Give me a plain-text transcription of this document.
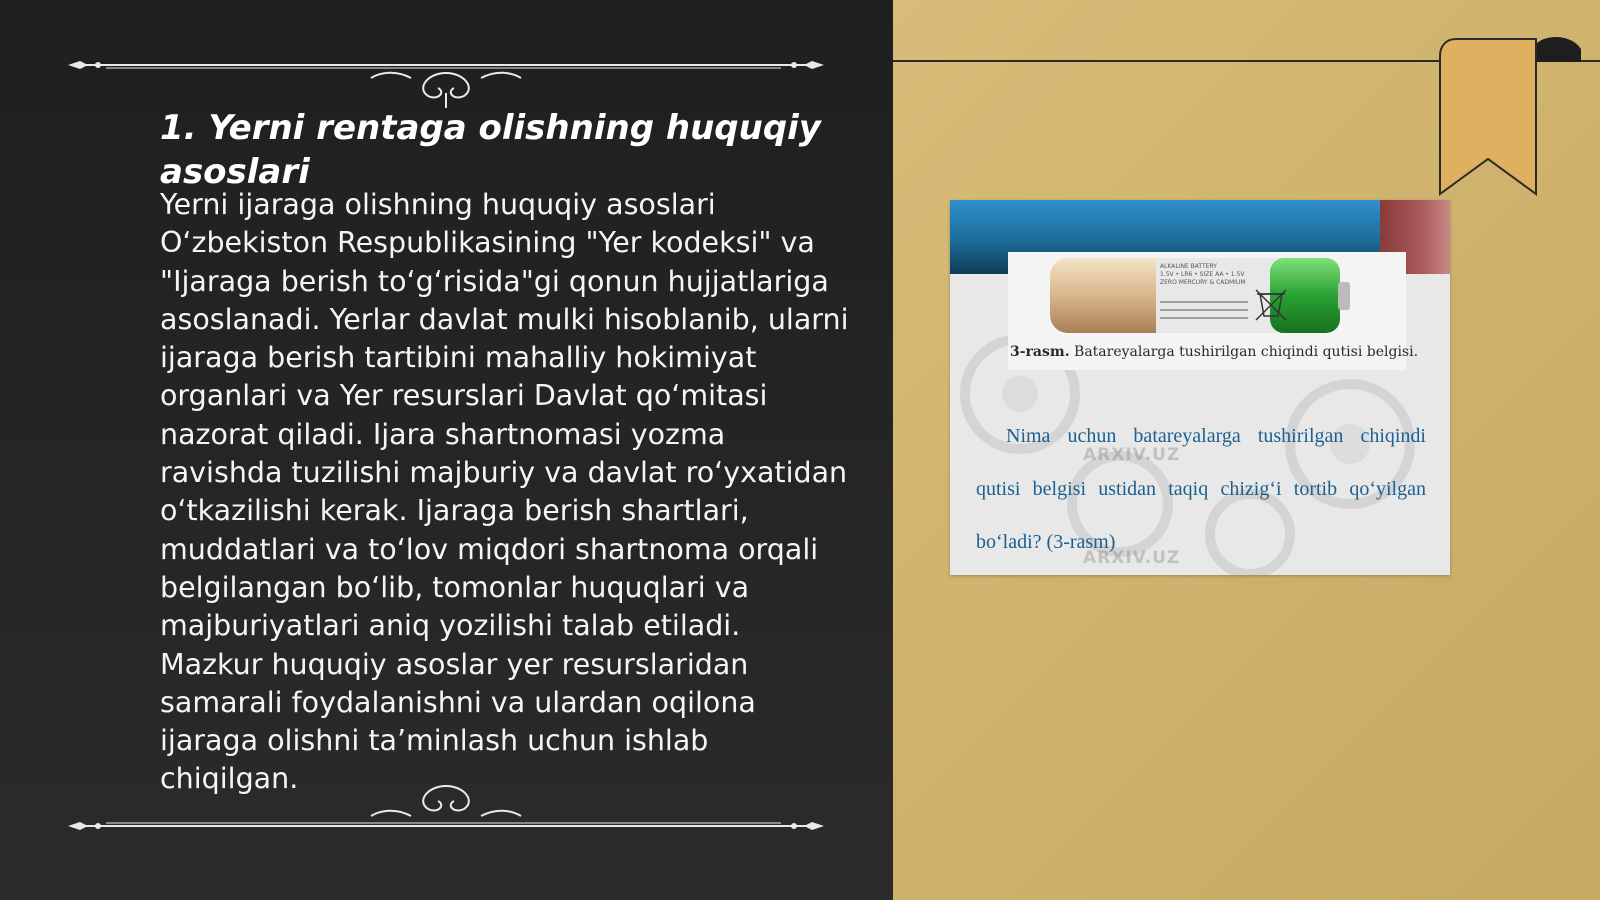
1. Yerni rentaga olishning huquqiy asoslari

Yerni ijaraga olishning huquqiy asoslari O‘zbekiston Respublikasining "Yer kodeksi" va "Ijaraga berish to‘g‘risida"gi qonun hujjatlariga asoslanadi. Yerlar davlat mulki hisoblanib, ularni ijaraga berish tartibini mahalliy hokimiyat organlari va Yer resurslari Davlat qo‘mitasi nazorat qiladi. Ijara shartnomasi yozma ravishda tuzilishi majburiy va davlat ro‘yxatidan o‘tkazilishi kerak. Ijaraga berish shartlari, muddatlari va to‘lov miqdori shartnoma orqali belgilangan bo‘lib, tomonlar huquqlari va majburiyatlari aniq yozilishi talab etiladi. Mazkur huquqiy asoslar yer resurslaridan samarali foydalanishni va ulardan oqilona ijaraga olishni ta’minlash uchun ishlab chiqilgan.

ALKALINE BATTERY
1.5V • LR6 • SIZE AA • 1.5V
ZERO MERCURY & CADMIUM

3-rasm. Batareyalarga tushirilgan chiqindi qutisi belgisi.

ARXIV.UZ
ARXIV.UZ

Nima uchun batareyalarga tushirilgan chiqindi qutisi belgisi ustidan taqiq chizig‘i tortib qo‘yilgan bo‘ladi? (3-rasm)
